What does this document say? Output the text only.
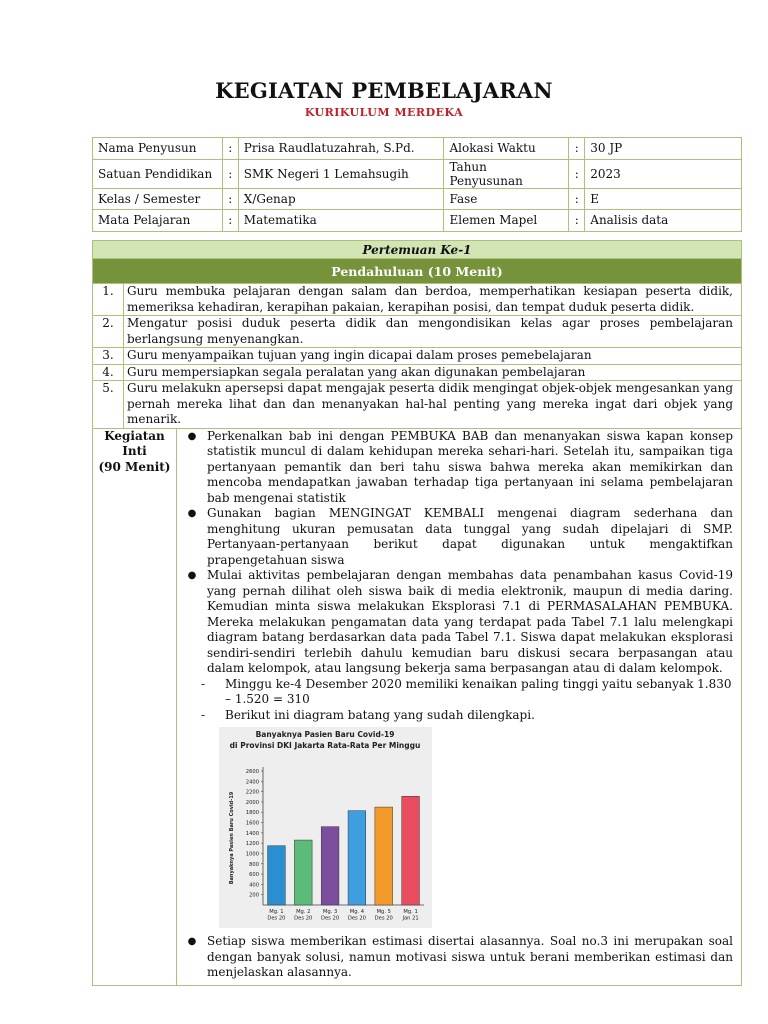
KEGIATAN PEMBELAJARAN
KURIKULUM MERDEKA
Nama Penyusun	:	Prisa Raudlatuzahrah, S.Pd.	Alokasi Waktu	:	30 JP
Satuan Pendidikan	:	SMK Negeri 1 Lemahsugih	Tahun Penyusunan	:	2023
Kelas / Semester	:	X/Genap	Fase	:	E
Mata Pelajaran	:	Matematika	Elemen Mapel	:	Analisis data
Pertemuan Ke-1
Pendahuluan (10 Menit)

1.	Guru membuka pelajaran dengan salam dan berdoa, memperhatikan kesiapan peserta didik, memeriksa kehadiran, kerapihan pakaian, kerapihan posisi, dan tempat duduk peserta didik.
2.	Mengatur posisi duduk peserta didik dan mengondisikan kelas agar proses pembelajaran berlangsung menyenangkan.
3.	Guru menyampaikan tujuan yang ingin dicapai dalam proses pemebelajaran
4.	Guru mempersiapkan segala peralatan yang akan digunakan pembelajaran
5.	Guru melakukn apersepsi dapat mengajak peserta didik mengingat objek-objek mengesankan yang pernah mereka lihat dan dan menanyakan hal-hal penting yang mereka ingat dari objek yang menarik.

Kegiatan
Inti
(90 Menit)

● Perkenalkan bab ini dengan PEMBUKA BAB dan menanyakan siswa kapan konsep statistik muncul di dalam kehidupan mereka sehari-hari. Setelah itu, sampaikan tiga pertanyaan pemantik dan beri tahu siswa bahwa mereka akan memikirkan dan mencoba mendapatkan jawaban terhadap tiga pertanyaan ini selama pembelajaran bab mengenai statistik
● Gunakan bagian MENGINGAT KEMBALI mengenai diagram sederhana dan menghitung ukuran pemusatan data tunggal yang sudah dipelajari di SMP. Pertanyaan-pertanyaan berikut dapat digunakan untuk mengaktifkan prapengetahuan siswa
● Mulai aktivitas pembelajaran dengan membahas data penambahan kasus Covid-19 yang pernah dilihat oleh siswa baik di media elektronik, maupun di media daring. Kemudian minta siswa melakukan Eksplorasi 7.1 di PERMASALAHAN PEMBUKA. Mereka melakukan pengamatan data yang terdapat pada Tabel 7.1 lalu melengkapi diagram batang berdasarkan data pada Tabel 7.1. Siswa dapat melakukan eksplorasi sendiri-sendiri terlebih dahulu kemudian baru diskusi secara berpasangan atau dalam kelompok, atau langsung bekerja sama berpasangan atau di dalam kelompok.
-	Minggu ke-4 Desember 2020 memiliki kenaikan paling tinggi yaitu sebanyak 1.830 – 1.520 = 310
-	Berikut ini diagram batang yang sudah dilengkapi.
Banyaknya Pasien Baru Covid-19
di Provinsi DKI Jakarta Rata-Rata Per Minggu
Banyaknya Pasien Baru Covid-19
200
400
600
800
1000
1200
1400
1600
1800
2000
2200
2400
2600
Mg. 1
Des 20
Mg. 2
Des 20
Mg. 3
Des 20
Mg. 4
Des 20
Mg. 5
Des 20
Mg. 1
Jan 21
● Setiap siswa memberikan estimasi disertai alasannya. Soal no.3 ini merupakan soal dengan banyak solusi, namun motivasi siswa untuk berani memberikan estimasi dan menjelaskan alasannya.
